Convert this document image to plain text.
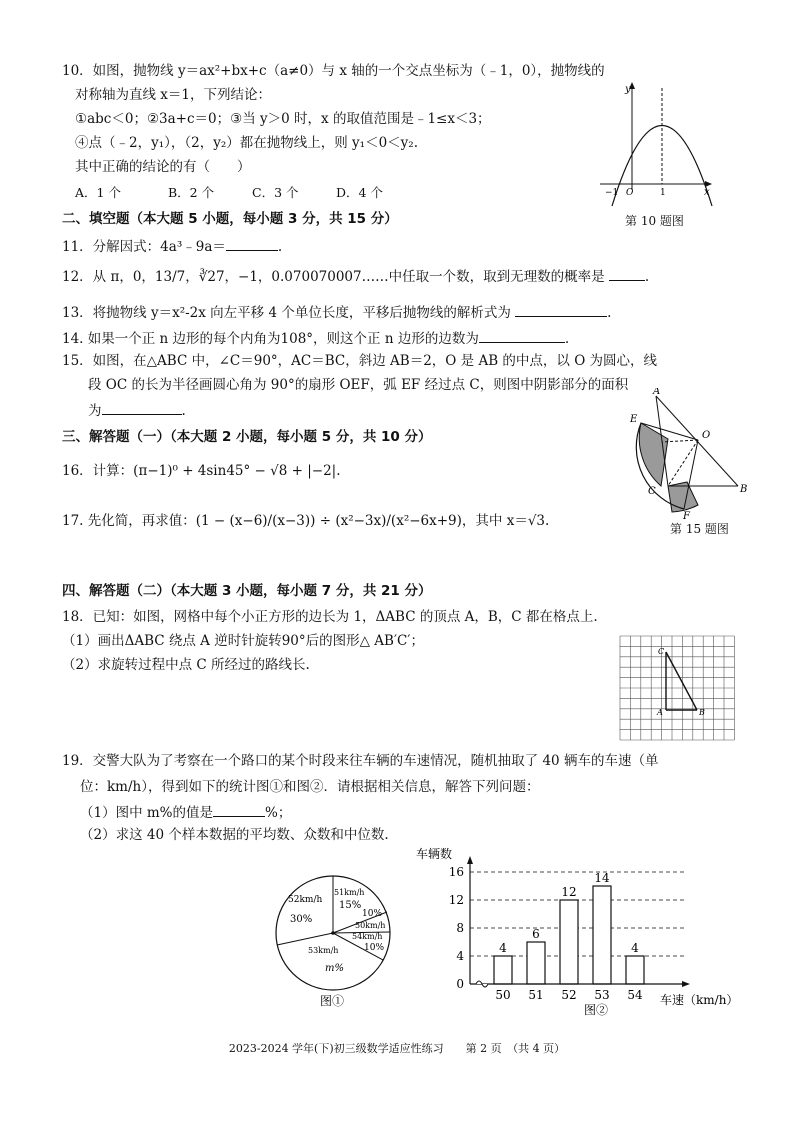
10．如图，抛物线 y＝ax²+bx+c（a≠0）与 x 轴的一个交点坐标为（﹣1，0），抛物线的
对称轴为直线 x＝1，下列结论：
①abc＜0；②3a+c＝0；③当 y＞0 时，x 的取值范围是﹣1≤x＜3；
④点（﹣2，y₁），（2，y₂）都在抛物线上，则 y₁＜0＜y₂.
其中正确的结论的有（　　）
A．1 个	B．2 个	C．3 个	D．4 个
y
x
−1 O	1
第 10 题图
二、填空题（本大题 5 小题，每小题 3 分，共 15 分）
11．分解因式：4a³﹣9a＝	.
12．从 π，0，13/7，∛27，−1，0.070070007……中任取一个数，取到无理数的概率是	.
13．将抛物线 y＝x²-2x 向左平移 4 个单位长度，平移后抛物线的解析式为	.
14. 如果一个正 n 边形的每个内角为108°，则这个正 n 边形的边数为	.
15．如图，在△ABC 中，∠C＝90°，AC＝BC，斜边 AB＝2，O 是 AB 的中点，以 O 为圆心，线
段 OC 的长为半径画圆心角为 90°的扇形 OEF，弧 EF 经过点 C，则图中阴影部分的面积
为	.
A
B
C
E
F
O
第 15 题图
三、解答题（一）（本大题 2 小题，每小题 5 分，共 10 分）
16．计算：(π−1)⁰ + 4sin45° − √8 + |−2|.
17. 先化简，再求值：(1 − (x−6)/(x−3)) ÷ (x²−3x)/(x²−6x+9)，其中 x＝√3.
四、解答题（二）（本大题 3 小题，每小题 7 分，共 21 分）
18．已知：如图，网格中每个小正方形的边长为 1，ΔABC 的顶点 A，B，C 都在格点上.
（1）画出ΔABC 绕点 A 逆时针旋转90°后的图形△ AB′C′；
（2）求旋转过程中点 C 所经过的路线长.
A	B
C
19．交警大队为了考察在一个路口的某个时段来往车辆的车速情况，随机抽取了 40 辆车的车速（单
位：km/h），得到如下的统计图①和图②．请根据相关信息，解答下列问题：
（1）图中 m%的值是	%；
（2）求这 40 个样本数据的平均数、众数和中位数.
52km/h
30%
51km/h
15%
10%
50km/h
54km/h
10%
53km/h
m%
图①
0
4
8
12
16
4
50
6
51
12
52
14
53
4
54
车辆数
车速（km/h）
图②
2023-2024 学年(下)初三级数学适应性练习　　第 2 页　（共 4 页）
